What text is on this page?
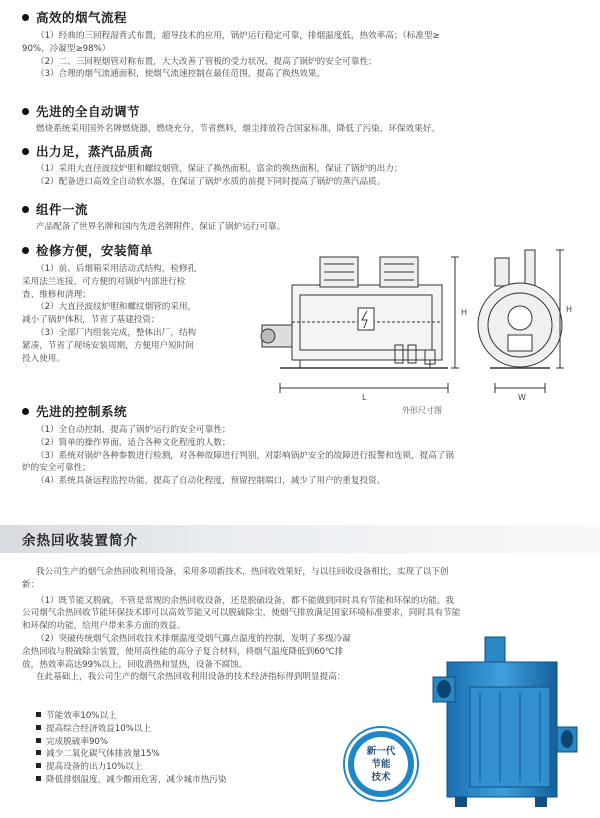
高效的烟气流程
（1）经典的三回程湿背式布置，超导技术的应用，锅炉运行稳定可靠，排烟温度低，热效率高；（标准型≥
90%，冷凝型≥98%）
（2）二、三回程烟管对称布置，大大改善了管板的受力状况，提高了锅炉的安全可靠性；
（3）合理的烟气流通面积，使烟气流速控制在最佳范围，提高了换热效果。
先进的全自动调节
燃烧系统采用国外名牌燃烧器，燃烧充分，节省燃料，烟尘排放符合国家标准，降低了污染，环保效果好。
出力足，蒸汽品质高
（1）采用大直径波纹炉胆和螺纹烟管，保证了换热面积，富余的换热面积，保证了锅炉的出力；
（2）配备进口高效全自动软水器，在保证了锅炉水质的前提下同时提高了锅炉的蒸汽品质。
组件一流
产品配备了世界名牌和国内先进名牌附件，保证了锅炉运行可靠。
检修方便，安装简单
（1）前、后烟箱采用活动式结构，检修孔
采用法兰连接，可方便的对锅炉内部进行检
查、维修和清理；
（2）大直径波纹炉胆和螺纹烟管的采用，
减小了锅炉体积，节省了基建投资；
（3）全部厂内组装完成，整体出厂，结构
紧凑，节省了现场安装周期，方便用户短时间
投入使用。
L
H
W
H
外形尺寸图
先进的控制系统
（1）全自动控制，提高了锅炉运行的安全可靠性；
（2）简单的操作界面，适合各种文化程度的人数；
（3）系统对锅炉各种参数进行检测，对各种故障进行判别，对影响锅炉安全的故障进行报警和连锁，提高了锅
炉的安全可靠性；
（4）系统具备远程监控功能，提高了自动化程度，预留控制端口，减少了用户的重复投资。
余热回收装置简介
我公司生产的烟气余热回收利用设备，采用多项新技术，热回收效果好，与以往回收设备相比，实现了以下创
新：
（1）既节能又脱硫。不管是常规的余热回收设备，还是脱硫设备，都不能做到同时具有节能和环保的功能。我
公司烟气余热回收节能环保技术即可以高效节能又可以脱硫除尘，使烟气排放满足国家环境标准要求，同时具有节能
和环保的功能，给用户带来多方面的效益。
（2）突破传统烟气余热回收技术排烟温度受烟气露点温度的控制，发明了多级冷凝
余热回收与脱硫除尘装置，使用高性能的高分子复合材料，将烟气温度降低到60℃排
放，热效率高达99%以上，回收潜热和显热，设备不腐蚀。
在此基础上，我公司生产的烟气余热回收利用设备的技术经济指标得到明显提高：
节能效率10%以上
提高综合经济效益10%以上
完成脱硫率90%
减少二氧化碳气体排放量15%
提高设备的出力10%以上
降低排烟温度，减少酸雨危害，减少城市热污染
新一代
节能
技术
